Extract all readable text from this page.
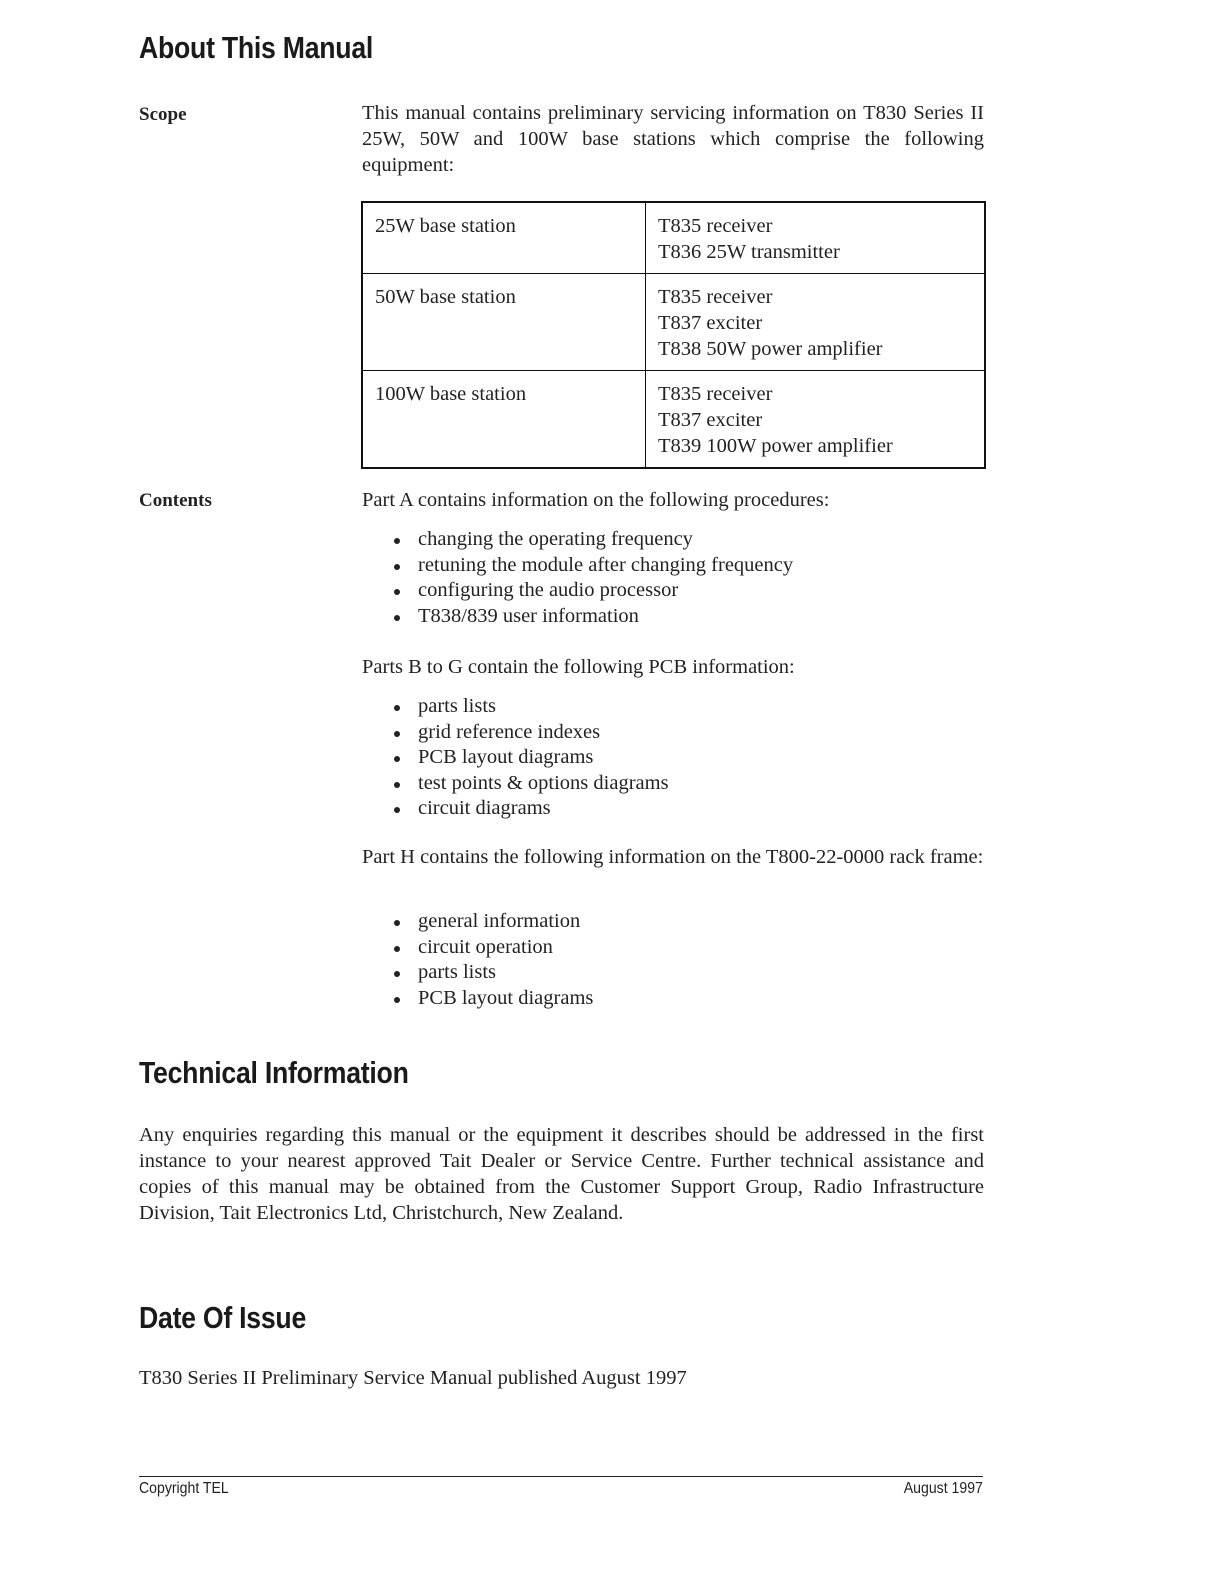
About This Manual
Scope	This manual contains preliminary servicing information on T830 Series II 25W, 50W and 100W base stations which comprise the following equipment:

25W base station	T835 receiver
T836 25W transmitter

50W base station	T835 receiver
T837 exciter
T838 50W power amplifier

100W base station	T835 receiver
T837 exciter
T839 100W power amplifier
Contents	Part A contains information on the following procedures:

changing the operating frequency
retuning the module after changing frequency
configuring the audio processor
T838/839 user information

Parts B to G contain the following PCB information:

parts lists
grid reference indexes
PCB layout diagrams
test points & options diagrams
circuit diagrams

Part H contains the following information on the T800-22-0000 rack frame:

general information
circuit operation
parts lists
PCB layout diagrams
Technical Information

Any enquiries regarding this manual or the equipment it describes should be addressed in the first instance to your nearest approved Tait Dealer or Service Centre. Further technical assistance and copies of this manual may be obtained from the Customer Support Group, Radio Infrastructure Division, Tait Electronics Ltd, Christchurch, New Zealand.

Date Of Issue

T830 Series II Preliminary Service Manual published August 1997

Copyright TEL	August 1997
